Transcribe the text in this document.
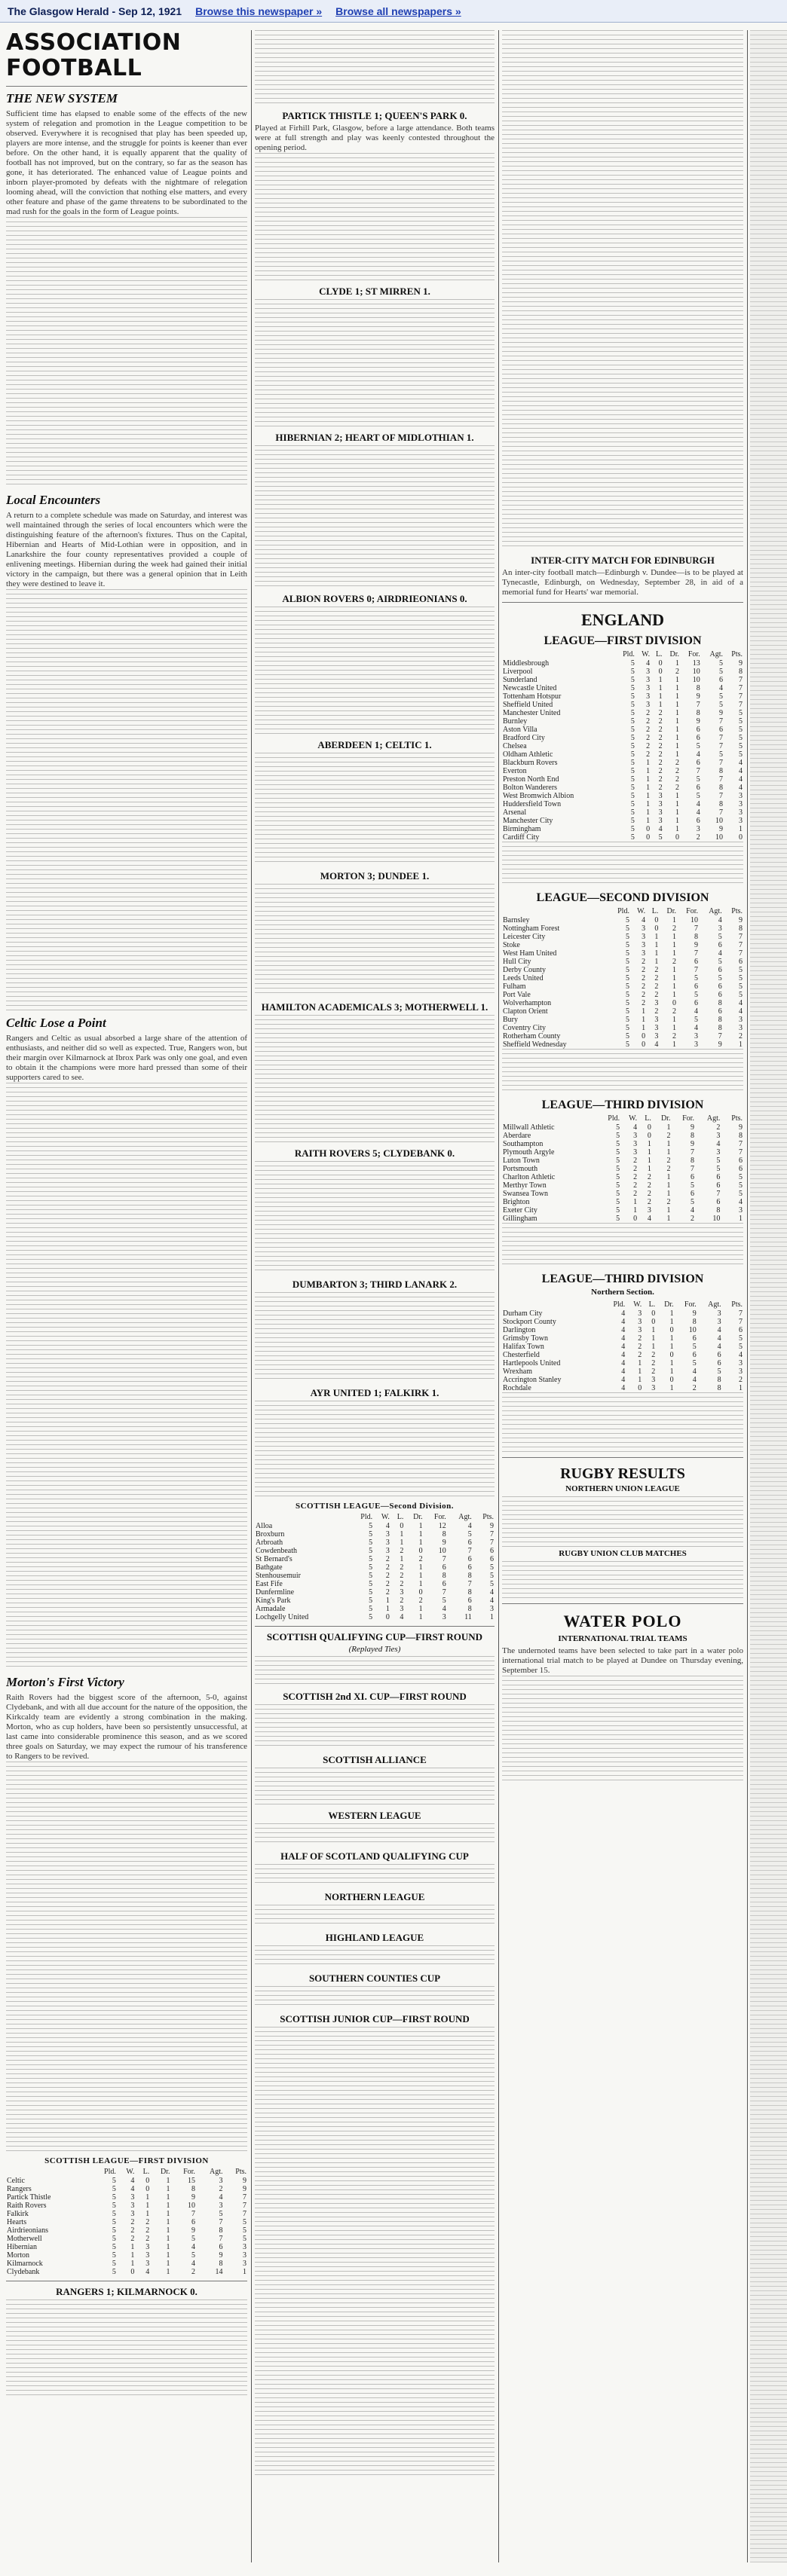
The Glasgow Herald - Sep 12, 1921 Browse this newspaper » Browse all newspapers »
ASSOCIATION FOOTBALL
THE NEW SYSTEM

Sufficient time has elapsed to enable some of the effects of the new system of relegation and promotion in the League competition to be observed. Everywhere it is recognised that play has been speeded up, players are more intense, and the struggle for points is keener than ever before. On the other hand, it is equally apparent that the quality of football has not improved, but on the contrary, so far as the season has gone, it has deteriorated. The enhanced value of League points and inborn player-promoted by defeats with the nightmare of relegation looming ahead, will the conviction that nothing else matters, and every other feature and phase of the game threatens to be subordinated to the mad rush for the goals in the form of League points.

Local Encounters

A return to a complete schedule was made on Saturday, and interest was well maintained through the series of local encounters which were the distinguishing feature of the afternoon's fixtures. Thus on the Capital, Hibernian and Hearts of Mid-Lothian were in opposition, and in Lanarkshire the four county representatives provided a couple of enlivening meetings. Hibernian during the week had gained their initial victory in the campaign, but there was a general opinion that in Leith they were destined to leave it.

Celtic Lose a Point

Rangers and Celtic as usual absorbed a large share of the attention of enthusiasts, and neither did so well as expected. True, Rangers won, but their margin over Kilmarnock at Ibrox Park was only one goal, and even to obtain it the champions were more hard pressed than some of their supporters cared to see.

Morton's First Victory

Raith Rovers had the biggest score of the afternoon, 5-0, against Clydebank, and with all due account for the nature of the opposition, the Kirkcaldy team are evidently a strong combination in the making. Morton, who as cup holders, have been so persistently unsuccessful, at last came into considerable prominence this season, and as we scored three goals on Saturday, we may expect the rumour of his transference to Rangers to be revived.

SCOTTISH LEAGUE—FIRST DIVISION
	Pld.	W.	L.	Dr.	For.	Agt.	Pts.
Celtic	5	4	0	1	15	3	9
Rangers	5	4	0	1	8	2	9
Partick Thistle	5	3	1	1	9	4	7
Raith Rovers	5	3	1	1	10	3	7
Falkirk	5	3	1	1	7	5	7
Hearts	5	2	2	1	6	7	5
Airdrieonians	5	2	2	1	9	8	5
Motherwell	5	2	2	1	5	7	5
Hibernian	5	1	3	1	4	6	3
Morton	5	1	3	1	5	9	3
Kilmarnock	5	1	3	1	4	8	3
Clydebank	5	0	4	1	2	14	1
RANGERS 1; KILMARNOCK 0.
PARTICK THISTLE 1; QUEEN'S PARK 0.

Played at Firhill Park, Glasgow, before a large attendance. Both teams were at full strength and play was keenly contested throughout the opening period.

CLYDE 1; ST MIRREN 1.
HIBERNIAN 2; HEART OF MIDLOTHIAN 1.
ALBION ROVERS 0; AIRDRIEONIANS 0.
ABERDEEN 1; CELTIC 1.
MORTON 3; DUNDEE 1.
HAMILTON ACADEMICALS 3; MOTHERWELL 1.
RAITH ROVERS 5; CLYDEBANK 0.
DUMBARTON 3; THIRD LANARK 2.
AYR UNITED 1; FALKIRK 1.
SCOTTISH LEAGUE—Second Division.
	Pld.	W.	L.	Dr.	For.	Agt.	Pts.
Alloa	5	4	0	1	12	4	9
Broxburn	5	3	1	1	8	5	7
Arbroath	5	3	1	1	9	6	7
Cowdenbeath	5	3	2	0	10	7	6
St Bernard's	5	2	1	2	7	6	6
Bathgate	5	2	2	1	6	6	5
Stenhousemuir	5	2	2	1	8	8	5
East Fife	5	2	2	1	6	7	5
Dunfermline	5	2	3	0	7	8	4
King's Park	5	1	2	2	5	6	4
Armadale	5	1	3	1	4	8	3
Lochgelly United	5	0	4	1	3	11	1
SCOTTISH QUALIFYING CUP—FIRST ROUND
(Replayed Ties)
SCOTTISH 2nd XI. CUP—FIRST ROUND
SCOTTISH ALLIANCE
WESTERN LEAGUE
HALF OF SCOTLAND QUALIFYING CUP
NORTHERN LEAGUE
HIGHLAND LEAGUE
SOUTHERN COUNTIES CUP
SCOTTISH JUNIOR CUP—FIRST ROUND
INTER-CITY MATCH FOR EDINBURGH

An inter-city football match—Edinburgh v. Dundee—is to be played at Tynecastle, Edinburgh, on Wednesday, September 28, in aid of a memorial fund for Hearts' war memorial.

ENGLAND
LEAGUE—FIRST DIVISION
	Pld.	W.	L.	Dr.	For.	Agt.	Pts.
Middlesbrough	5	4	0	1	13	5	9
Liverpool	5	3	0	2	10	5	8
Sunderland	5	3	1	1	10	6	7
Newcastle United	5	3	1	1	8	4	7
Tottenham Hotspur	5	3	1	1	9	5	7
Sheffield United	5	3	1	1	7	5	7
Manchester United	5	2	2	1	8	9	5
Burnley	5	2	2	1	9	7	5
Aston Villa	5	2	2	1	6	6	5
Bradford City	5	2	2	1	6	7	5
Chelsea	5	2	2	1	5	7	5
Oldham Athletic	5	2	2	1	4	5	5
Blackburn Rovers	5	1	2	2	6	7	4
Everton	5	1	2	2	7	8	4
Preston North End	5	1	2	2	5	7	4
Bolton Wanderers	5	1	2	2	6	8	4
West Bromwich Albion	5	1	3	1	5	7	3
Huddersfield Town	5	1	3	1	4	8	3
Arsenal	5	1	3	1	4	7	3
Manchester City	5	1	3	1	6	10	3
Birmingham	5	0	4	1	3	9	1
Cardiff City	5	0	5	0	2	10	0
LEAGUE—SECOND DIVISION
	Pld.	W.	L.	Dr.	For.	Agt.	Pts.
Barnsley	5	4	0	1	10	4	9
Nottingham Forest	5	3	0	2	7	3	8
Leicester City	5	3	1	1	8	5	7
Stoke	5	3	1	1	9	6	7
West Ham United	5	3	1	1	7	4	7
Hull City	5	2	1	2	6	5	6
Derby County	5	2	2	1	7	6	5
Leeds United	5	2	2	1	5	5	5
Fulham	5	2	2	1	6	6	5
Port Vale	5	2	2	1	5	6	5
Wolverhampton	5	2	3	0	6	8	4
Clapton Orient	5	1	2	2	4	6	4
Bury	5	1	3	1	5	8	3
Coventry City	5	1	3	1	4	8	3
Rotherham County	5	0	3	2	3	7	2
Sheffield Wednesday	5	0	4	1	3	9	1
LEAGUE—THIRD DIVISION
	Pld.	W.	L.	Dr.	For.	Agt.	Pts.
Millwall Athletic	5	4	0	1	9	2	9
Aberdare	5	3	0	2	8	3	8
Southampton	5	3	1	1	9	4	7
Plymouth Argyle	5	3	1	1	7	3	7
Luton Town	5	2	1	2	8	5	6
Portsmouth	5	2	1	2	7	5	6
Charlton Athletic	5	2	2	1	6	6	5
Merthyr Town	5	2	2	1	5	6	5
Swansea Town	5	2	2	1	6	7	5
Brighton	5	1	2	2	5	6	4
Exeter City	5	1	3	1	4	8	3
Gillingham	5	0	4	1	2	10	1
LEAGUE—THIRD DIVISION
Northern Section.
	Pld.	W.	L.	Dr.	For.	Agt.	Pts.
Durham City	4	3	0	1	9	3	7
Stockport County	4	3	0	1	8	3	7
Darlington	4	3	1	0	10	4	6
Grimsby Town	4	2	1	1	6	4	5
Halifax Town	4	2	1	1	5	4	5
Chesterfield	4	2	2	0	6	6	4
Hartlepools United	4	1	2	1	5	6	3
Wrexham	4	1	2	1	4	5	3
Accrington Stanley	4	1	3	0	4	8	2
Rochdale	4	0	3	1	2	8	1
RUGBY RESULTS
NORTHERN UNION LEAGUE
RUGBY UNION CLUB MATCHES
WATER POLO
INTERNATIONAL TRIAL TEAMS

The undernoted teams have been selected to take part in a water polo international trial match to be played at Dundee on Thursday evening, September 15.
